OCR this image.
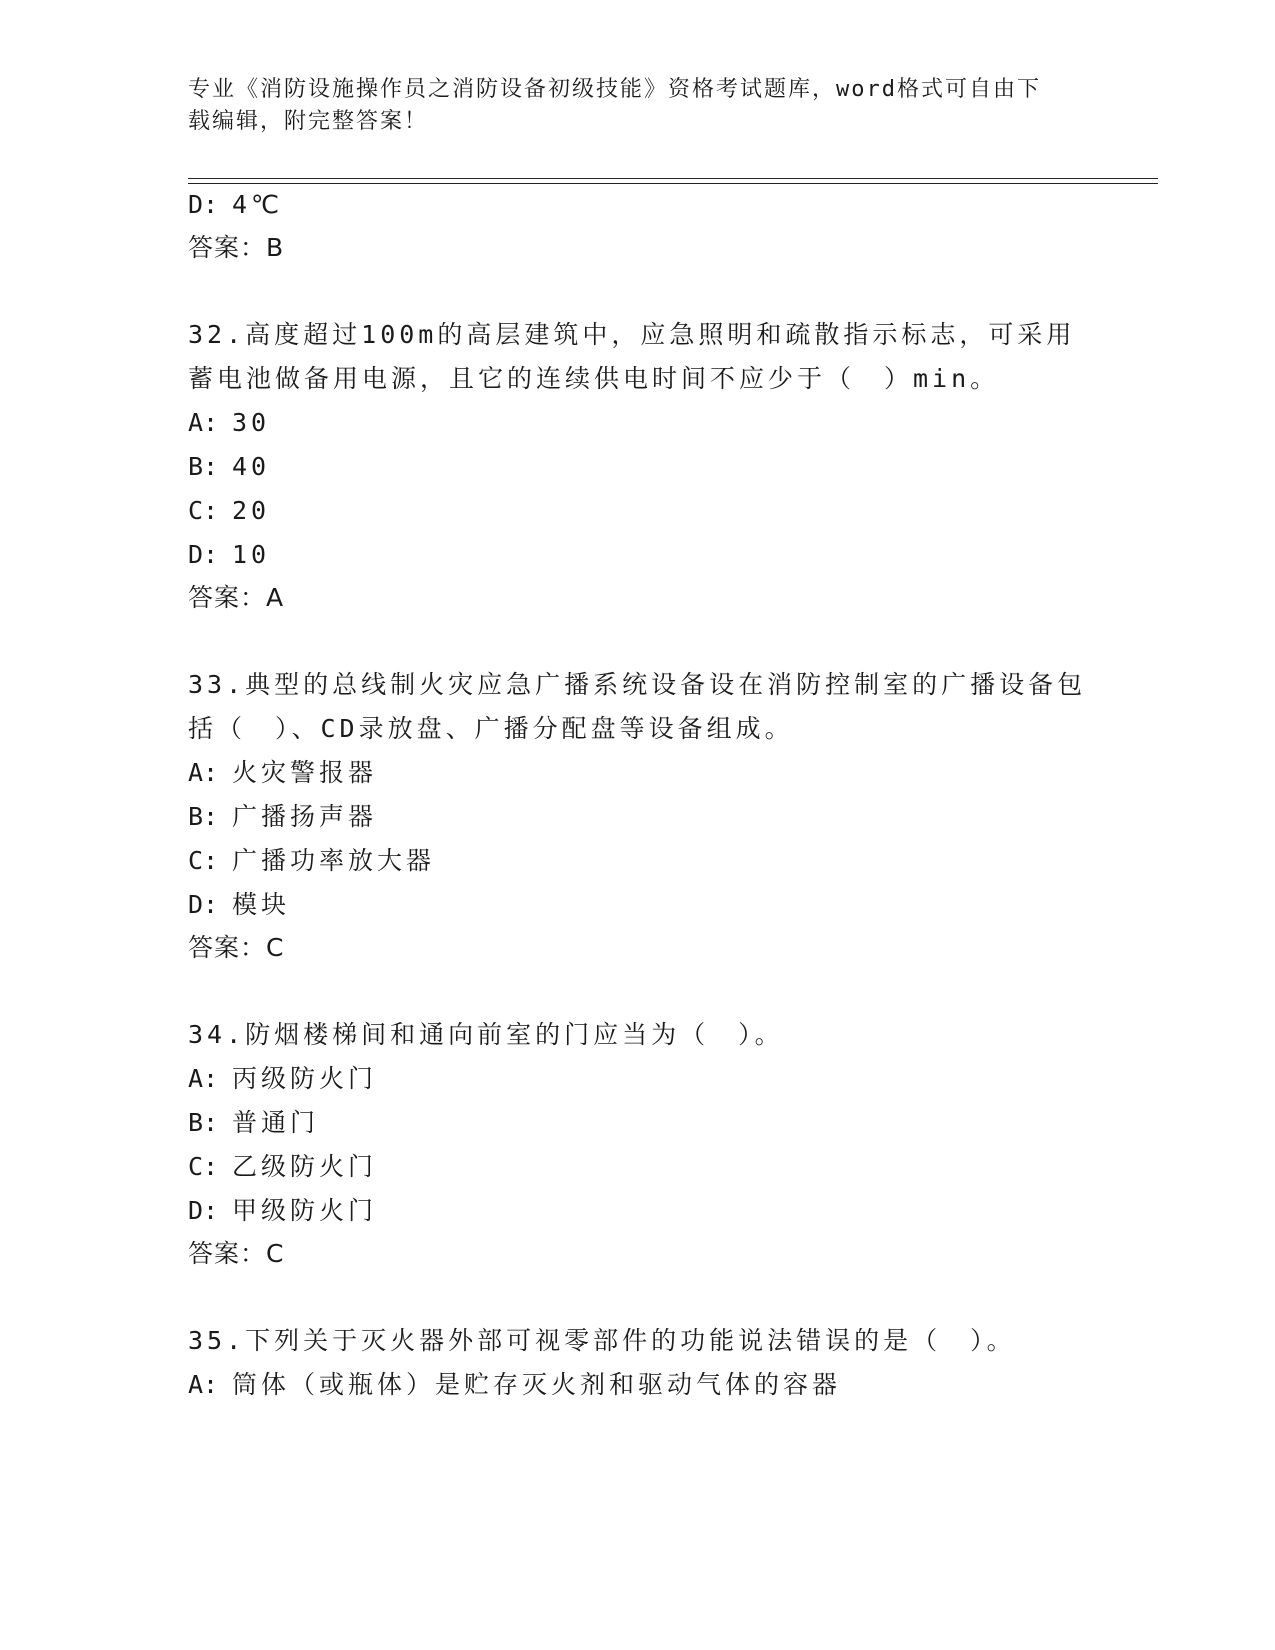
专业《消防设施操作员之消防设备初级技能》资格考试题库，word格式可自由下
载编辑，附完整答案！
D: 4℃
答案：B
32.高度超过100m的高层建筑中，应急照明和疏散指示标志，可采用
蓄电池做备用电源，且它的连续供电时间不应少于（　）min。
A: 30
B: 40
C: 20
D: 10
答案：A
33.典型的总线制火灾应急广播系统设备设在消防控制室的广播设备包
括（　）、CD录放盘、广播分配盘等设备组成。
A: 火灾警报器
B: 广播扬声器
C: 广播功率放大器
D: 模块
答案：C
34.防烟楼梯间和通向前室的门应当为（　）。
A: 丙级防火门
B: 普通门
C: 乙级防火门
D: 甲级防火门
答案：C
35.下列关于灭火器外部可视零部件的功能说法错误的是（　）。
A: 筒体（或瓶体）是贮存灭火剂和驱动气体的容器
